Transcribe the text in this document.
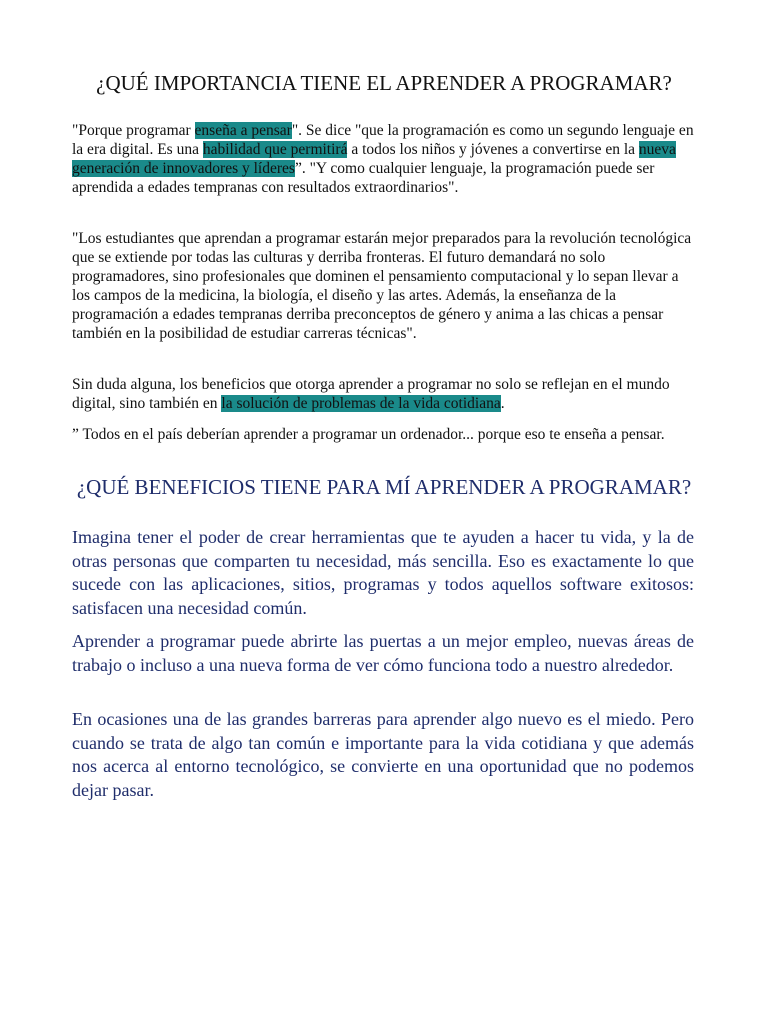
¿QUÉ IMPORTANCIA TIENE EL APRENDER A PROGRAMAR?

"Porque programar enseña a pensar". Se dice "que la programación es como un segundo lenguaje en la era digital. Es una habilidad que permitirá a todos los niños y jóvenes a convertirse en la nueva generación de innovadores y líderes”. "Y como cualquier lenguaje, la programación puede ser aprendida a edades tempranas con resultados extraordinarios".

"Los estudiantes que aprendan a programar estarán mejor preparados para la revolución tecnológica que se extiende por todas las culturas y derriba fronteras. El futuro demandará no solo programadores, sino profesionales que dominen el pensamiento computacional y lo sepan llevar a los campos de la medicina, la biología, el diseño y las artes. Además, la enseñanza de la programación a edades tempranas derriba preconceptos de género y anima a las chicas a pensar también en la posibilidad de estudiar carreras técnicas".

Sin duda alguna, los beneficios que otorga aprender a programar no solo se reflejan en el mundo digital, sino también en la solución de problemas de la vida cotidiana.

” Todos en el país deberían aprender a programar un ordenador... porque eso te enseña a pensar.

¿QUÉ BENEFICIOS TIENE PARA MÍ APRENDER A PROGRAMAR?

Imagina tener el poder de crear herramientas que te ayuden a hacer tu vida, y la de otras personas que comparten tu necesidad, más sencilla. Eso es exactamente lo que sucede con las aplicaciones, sitios, programas y todos aquellos software exitosos: satisfacen una necesidad común.

Aprender a programar puede abrirte las puertas a un mejor empleo, nuevas áreas de trabajo o incluso a una nueva forma de ver cómo funciona todo a nuestro alrededor.

En ocasiones una de las grandes barreras para aprender algo nuevo es el miedo. Pero cuando se trata de algo tan común e importante para la vida cotidiana y que además nos acerca al entorno tecnológico, se convierte en una oportunidad que no podemos dejar pasar.
